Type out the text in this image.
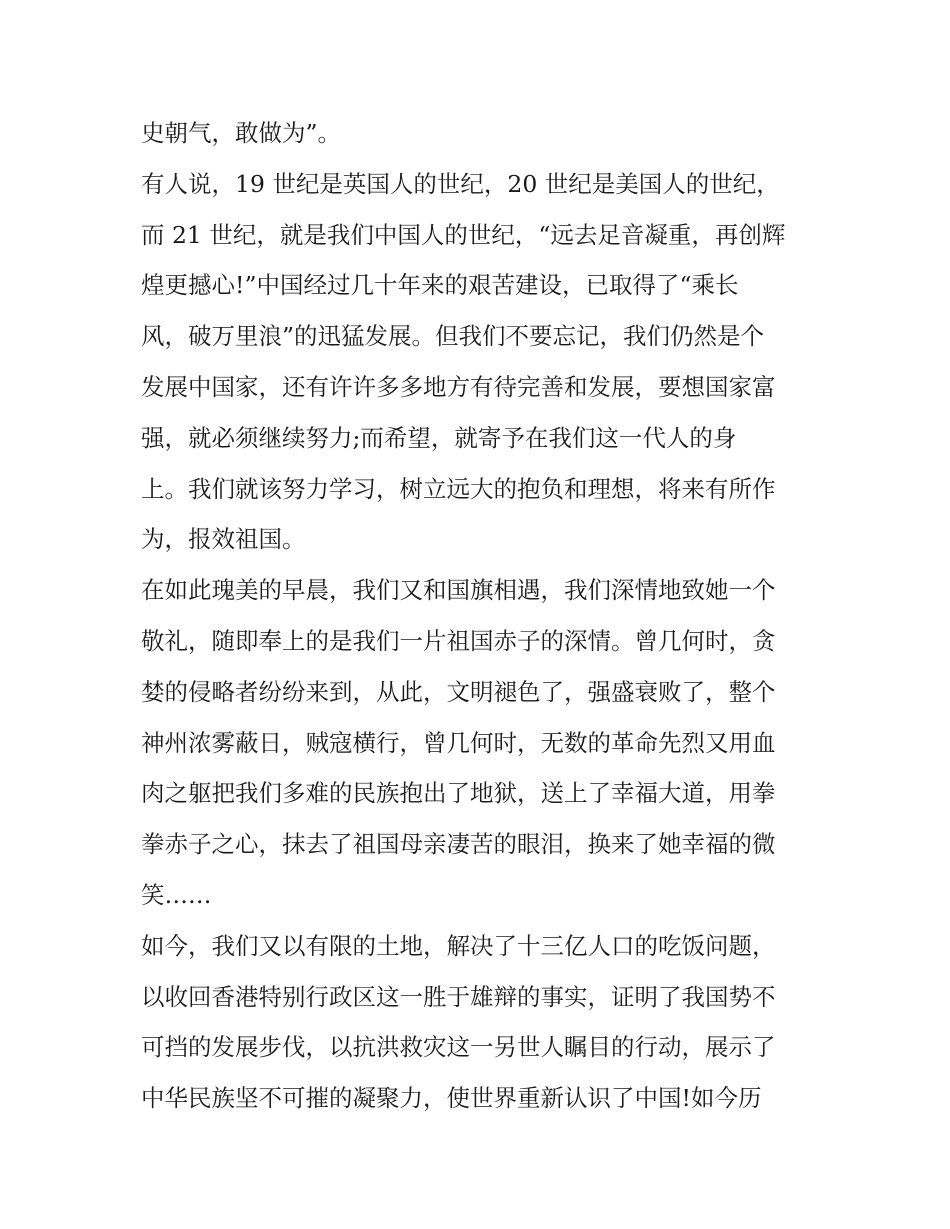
史朝气，敢做为”。
有人说，19 世纪是英国人的世纪，20 世纪是美国人的世纪，
而 21 世纪，就是我们中国人的世纪，“远去足音凝重，再创辉
煌更撼心!”中国经过几十年来的艰苦建设，已取得了“乘长
风，破万里浪”的迅猛发展。但我们不要忘记，我们仍然是个
发展中国家，还有许许多多地方有待完善和发展，要想国家富
强，就必须继续努力;而希望，就寄予在我们这一代人的身
上。我们就该努力学习，树立远大的抱负和理想，将来有所作
为，报效祖国。
在如此瑰美的早晨，我们又和国旗相遇，我们深情地致她一个
敬礼，随即奉上的是我们一片祖国赤子的深情。曾几何时，贪
婪的侵略者纷纷来到，从此，文明褪色了，强盛衰败了，整个
神州浓雾蔽日，贼寇横行，曾几何时，无数的革命先烈又用血
肉之躯把我们多难的民族抱出了地狱，送上了幸福大道，用拳
拳赤子之心，抹去了祖国母亲凄苦的眼泪，换来了她幸福的微
笑……
如今，我们又以有限的土地，解决了十三亿人口的吃饭问题，
以收回香港特别行政区这一胜于雄辩的事实，证明了我国势不
可挡的发展步伐，以抗洪救灾这一另世人瞩目的行动，展示了
中华民族坚不可摧的凝聚力，使世界重新认识了中国!如今历
